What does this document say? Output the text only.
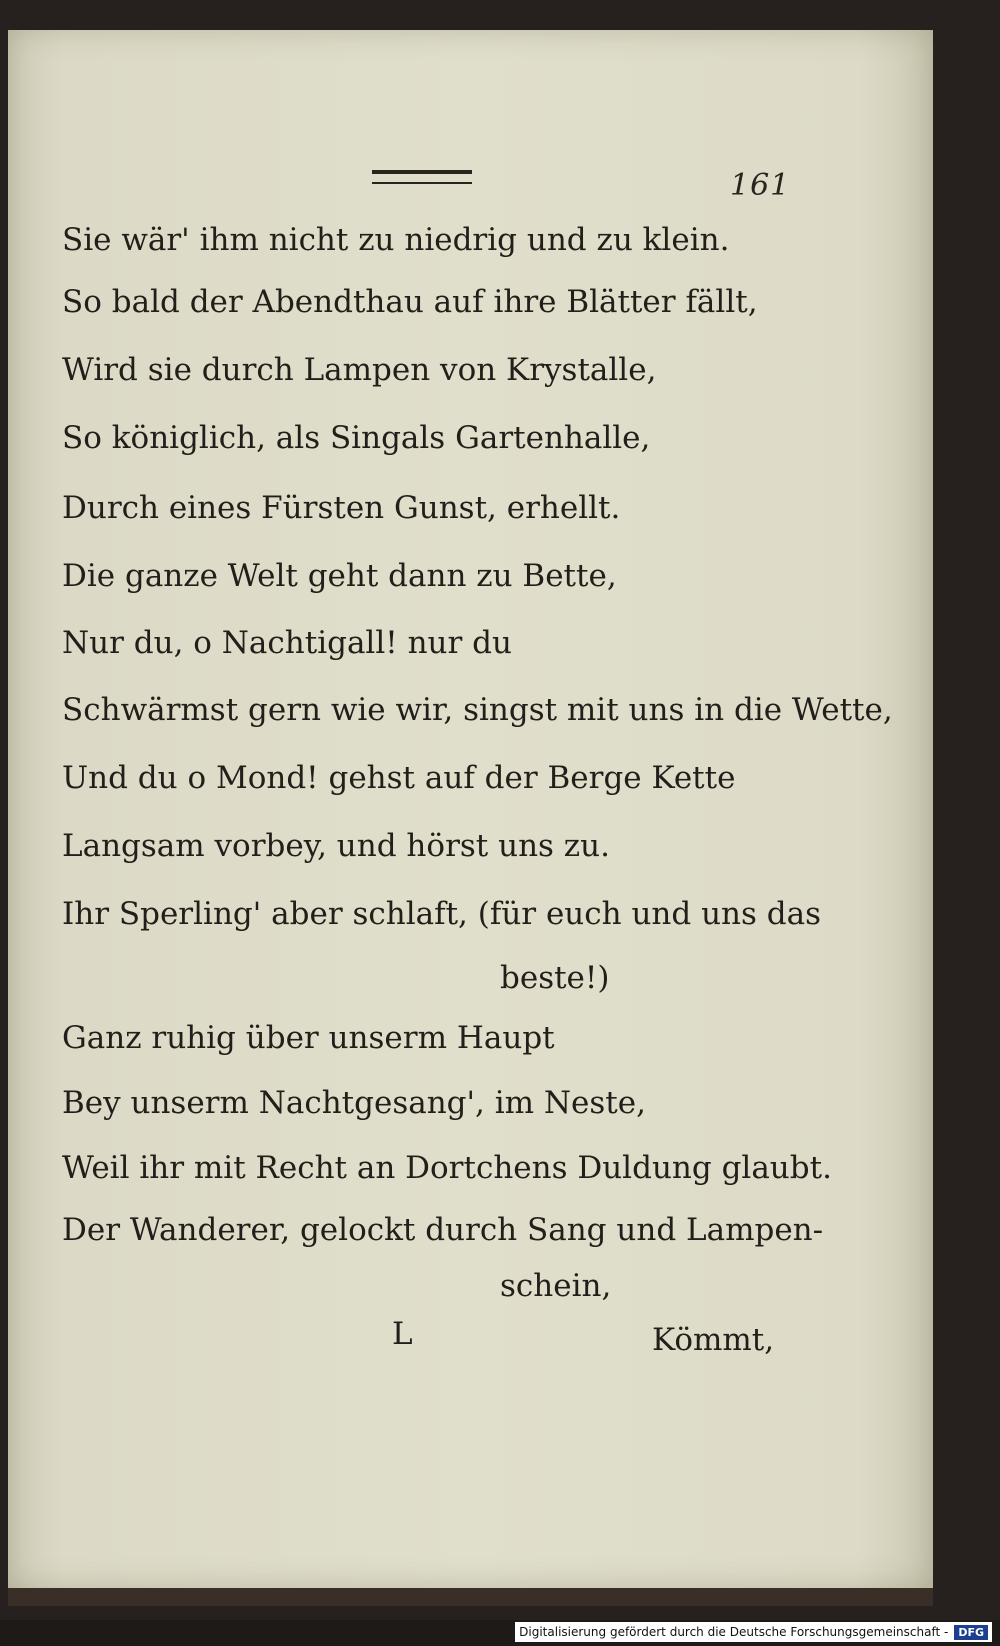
161
Sie wär' ihm nicht zu niedrig und zu klein.
So bald der Abendthau auf ihre Blätter fällt,
Wird sie durch Lampen von Krystalle,
So königlich, als Singals Gartenhalle,
Durch eines Fürsten Gunst, erhellt.
Die ganze Welt geht dann zu Bette,
Nur du, o Nachtigall! nur du
Schwärmst gern wie wir, singst mit uns in die Wette,
Und du o Mond! gehst auf der Berge Kette
Langsam vorbey, und hörst uns zu.
Ihr Sperling' aber schlaft, (für euch und uns das
beste!)
Ganz ruhig über unserm Haupt
Bey unserm Nachtgesang', im Neste,
Weil ihr mit Recht an Dortchens Duldung glaubt.
Der Wanderer, gelockt durch Sang und Lampen-
schein,
L	Kömmt,
Digitalisierung gefördert durch die Deutsche Forschungsgemeinschaft - DFG
